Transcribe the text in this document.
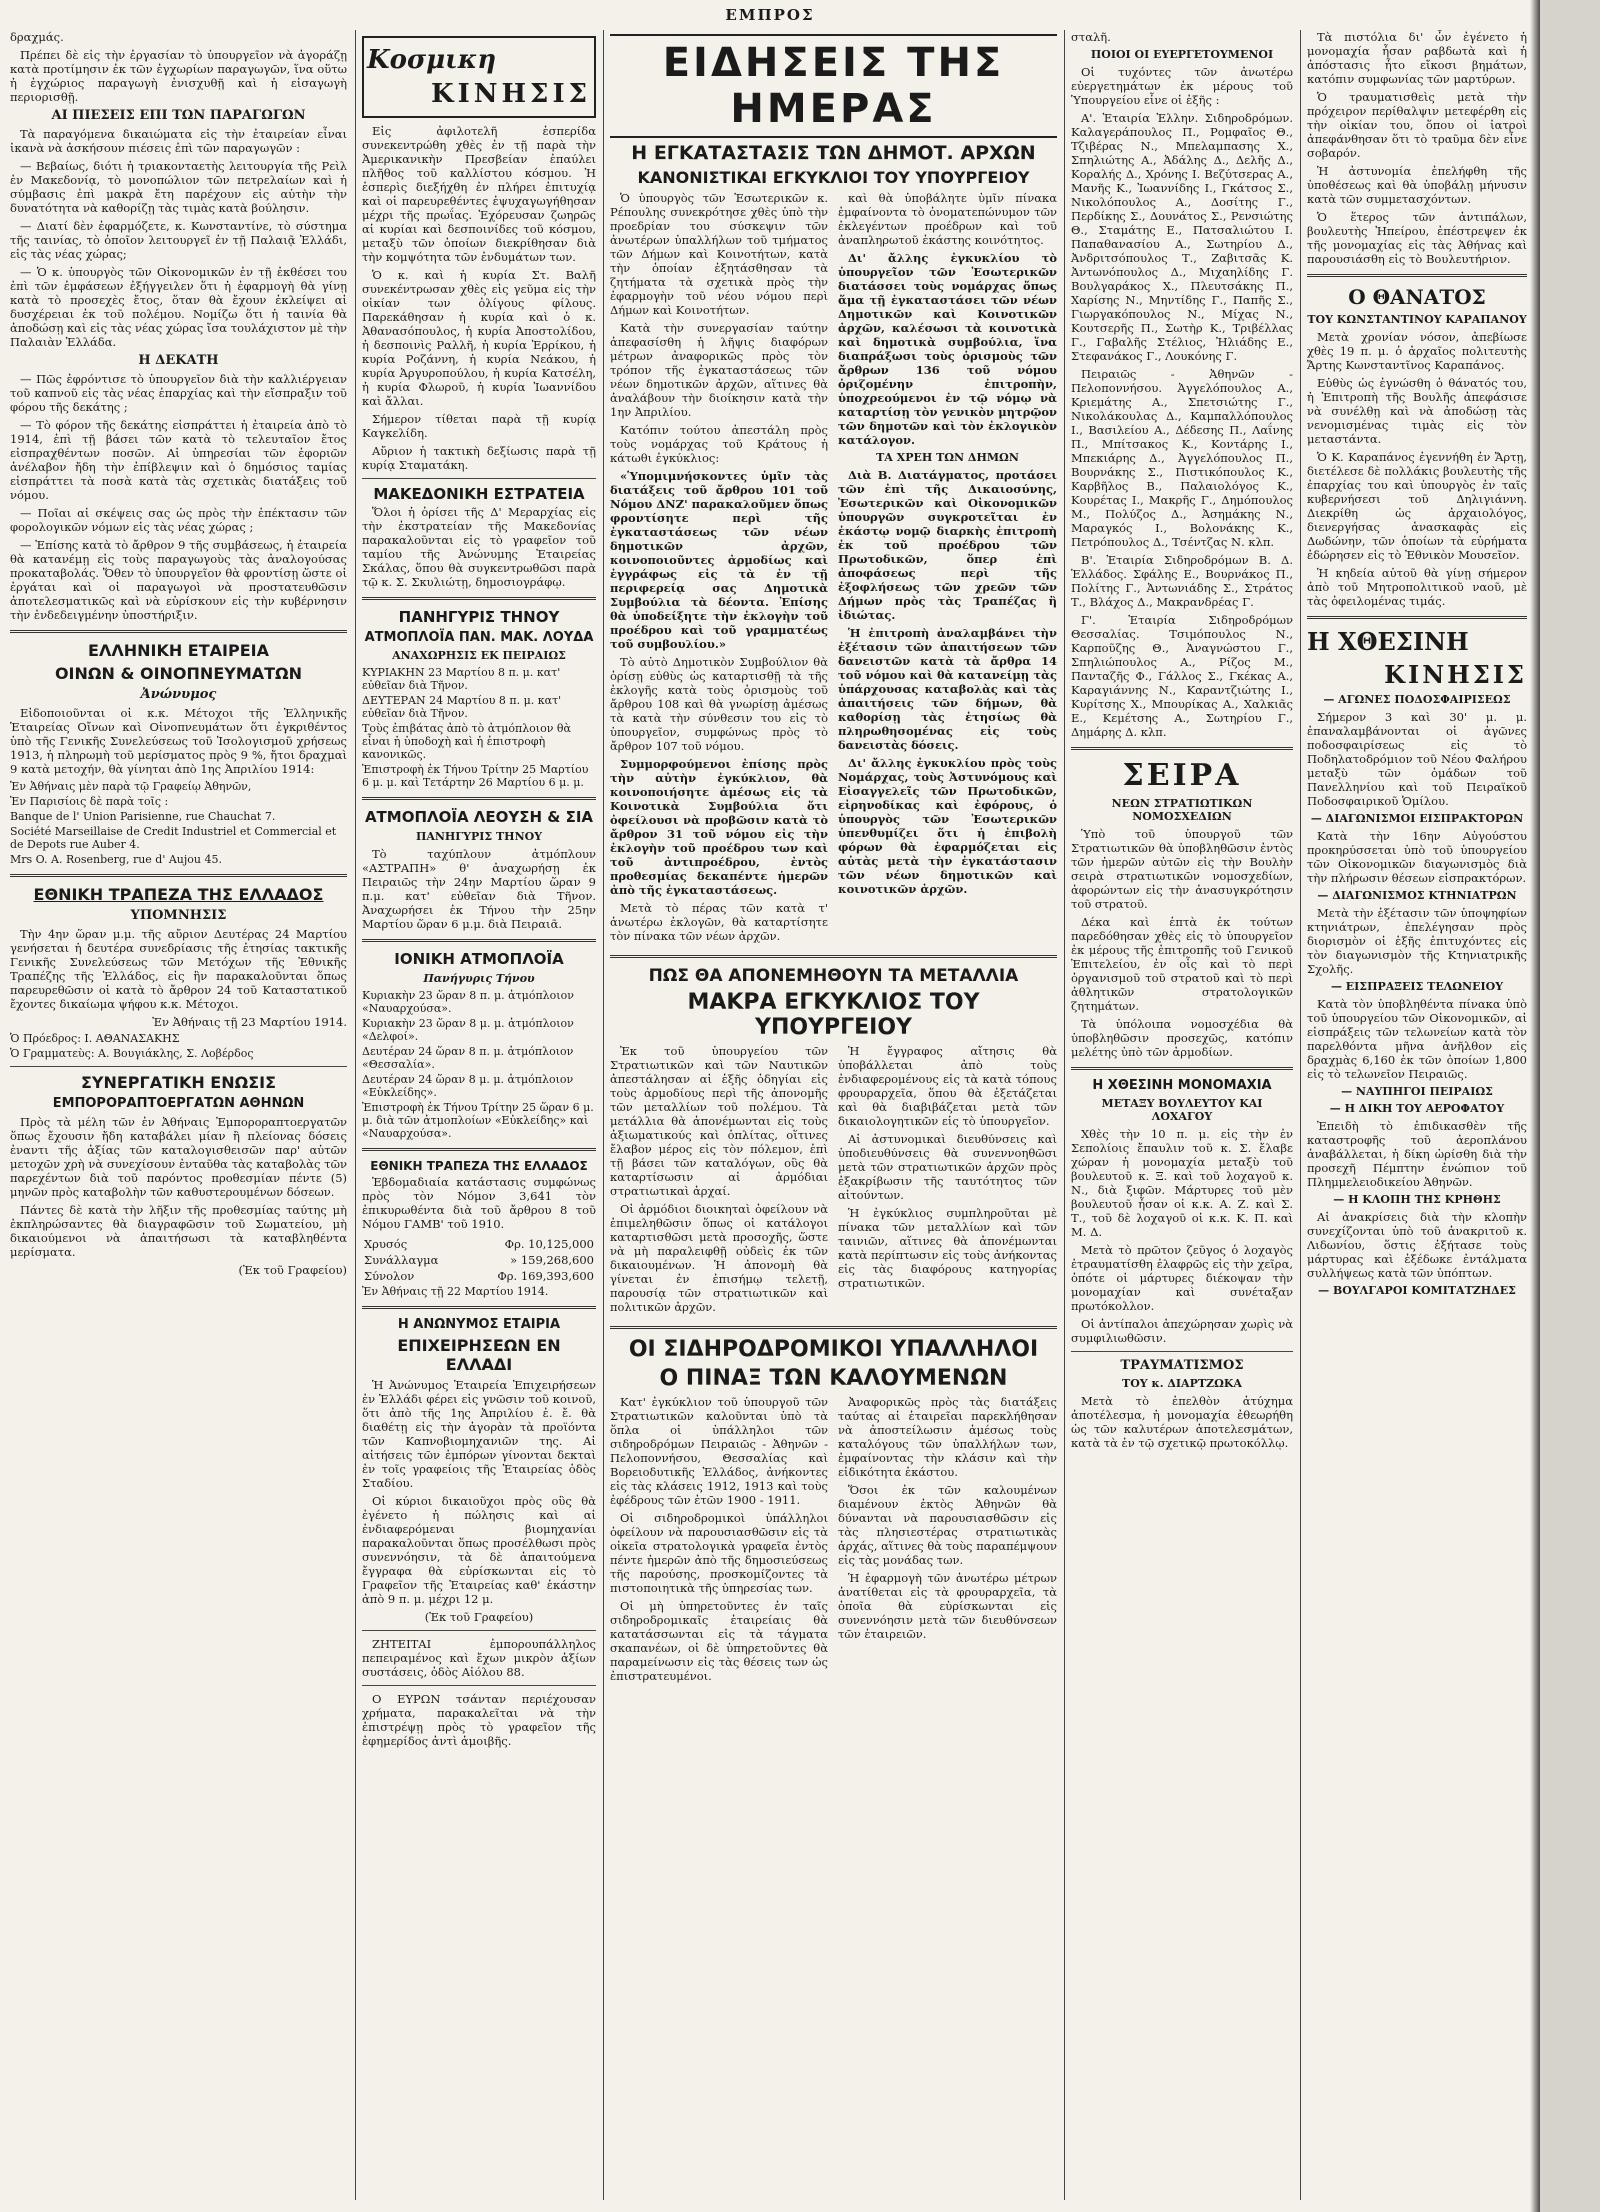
ΕΜΠΡΟΣ

δραχμάς.

Πρέπει δὲ εἰς τὴν ἐργασίαν τὸ ὑπουργεῖον νὰ ἀγοράζῃ κατὰ προτίμησιν ἐκ τῶν ἐγχωρίων παραγωγῶν, ἵνα οὕτω ἡ ἐγχώριος παραγωγὴ ἐνισχυθῇ καὶ ἡ εἰσαγωγὴ περιορισθῇ.

ΑΙ ΠΙΕΣΕΙΣ ΕΠΙ ΤΩΝ ΠΑΡΑΓΩΓΩΝ

Τὰ παραγόμενα δικαιώματα εἰς τὴν ἐταιρείαν εἶναι ἱκανὰ νὰ ἀσκήσουν πιέσεις ἐπὶ τῶν παραγωγῶν :

— Βεβαίως, διότι ἡ τριακονταετὴς λειτουργία τῆς Ρεὶλ ἐν Μακεδονίᾳ, τὸ μονοπώλιον τῶν πετρελαίων καὶ ἡ σύμβασις ἐπὶ μακρὰ ἔτη παρέχουν εἰς αὐτὴν τὴν δυνατότητα νὰ καθορίζῃ τὰς τιμὰς κατὰ βούλησιν.

— Διατί δὲν ἐφαρμόζετε, κ. Κωνσταντίνε, τὸ σύστημα τῆς ταινίας, τὸ ὁποῖον λειτουργεῖ ἐν τῇ Παλαιᾷ Ἑλλάδι, εἰς τὰς νέας χώρας;

— Ὁ κ. ὑπουργὸς τῶν Οἰκονομικῶν ἐν τῇ ἐκθέσει του ἐπὶ τῶν ἐμφάσεων ἐξήγγειλεν ὅτι ἡ ἐφαρμογὴ θὰ γίνῃ κατὰ τὸ προσεχὲς ἔτος, ὅταν θὰ ἔχουν ἐκλείψει αἱ δυσχέρειαι ἐκ τοῦ πολέμου. Νομίζω ὅτι ἡ ταινία θὰ ἀποδώσῃ καὶ εἰς τὰς νέας χώρας ἴσα τουλάχιστον μὲ τὴν Παλαιὰν Ἑλλάδα.

Η ΔΕΚΑΤΗ

— Πῶς ἐφρόντισε τὸ ὑπουργεῖον διὰ τὴν καλλιέργειαν τοῦ καπνοῦ εἰς τὰς νέας ἐπαρχίας καὶ τὴν εἴσπραξιν τοῦ φόρου τῆς δεκάτης ;

— Τὸ φόρον τῆς δεκάτης εἰσπράττει ἡ ἐταιρεία ἀπὸ τὸ 1914, ἐπὶ τῇ βάσει τῶν κατὰ τὸ τελευταῖον ἔτος εἰσπραχθέντων ποσῶν. Αἱ ὑπηρεσίαι τῶν ἐφοριῶν ἀνέλαβον ἤδη τὴν ἐπίβλεψιν καὶ ὁ δημόσιος ταμίας εἰσπράττει τὰ ποσὰ κατὰ τὰς σχετικὰς διατάξεις τοῦ νόμου.

— Ποῖαι αἱ σκέψεις σας ὡς πρὸς τὴν ἐπέκτασιν τῶν φορολογικῶν νόμων εἰς τὰς νέας χώρας ;

— Ἐπίσης κατὰ τὸ ἄρθρον 9 τῆς συμβάσεως, ἡ ἐταιρεία θὰ κατανέμῃ εἰς τοὺς παραγωγοὺς τὰς ἀναλογούσας προκαταβολάς. Ὅθεν τὸ ὑπουργεῖον θὰ φροντίσῃ ὥστε οἱ ἐργάται καὶ οἱ παραγωγοὶ νὰ προστατευθῶσιν ἀποτελεσματικῶς καὶ νὰ εὑρίσκουν εἰς τὴν κυβέρνησιν τὴν ἐνδεδειγμένην ὑποστήριξιν.

ΕΛΛΗΝΙΚΗ ΕΤΑΙΡΕΙΑ
ΟΙΝΩΝ & ΟΙΝΟΠΝΕΥΜΑΤΩΝ
Ἀνώνυμος

Εἰδοποιοῦνται οἱ κ.κ. Μέτοχοι τῆς Ἑλληνικῆς Ἑταιρείας Οἴνων καὶ Οἰνοπνευμάτων ὅτι ἐγκριθέντος ὑπὸ τῆς Γενικῆς Συνελεύσεως τοῦ Ἰσολογισμοῦ χρήσεως 1913, ἡ πληρωμὴ τοῦ μερίσματος πρὸς 9 %, ἤτοι δραχμαὶ 9 κατὰ μετοχήν, θὰ γίνηται ἀπὸ 1ης Ἀπριλίου 1914:

Ἐν Ἀθήναις μὲν παρὰ τῷ Γραφείῳ Ἀθηνῶν,

Ἐν Παρισίοις δὲ παρὰ τοῖς :

Banque de l' Union Parisienne, rue Chauchat 7.

Société Marseillaise de Credit Industriel et Commercial et de Depots rue Auber 4.

Mrs O. A. Rosenberg, rue d' Aujou 45.

ΕΘΝΙΚΗ ΤΡΑΠΕΖΑ ΤΗΣ ΕΛΛΑΔΟΣ
ΥΠΟΜΝΗΣΙΣ

Τὴν 4ην ὥραν μ.μ. τῆς αὔριον Δευτέρας 24 Μαρτίου γενήσεται ἡ δευτέρα συνεδρίασις τῆς ἐτησίας τακτικῆς Γενικῆς Συνελεύσεως τῶν Μετόχων τῆς Ἐθνικῆς Τραπέζης τῆς Ἑλλάδος, εἰς ἣν παρακαλοῦνται ὅπως παρευρεθῶσιν οἱ κατὰ τὸ ἄρθρον 24 τοῦ Καταστατικοῦ ἔχοντες δικαίωμα ψήφου κ.κ. Μέτοχοι.

Ἐν Ἀθήναις τῇ 23 Μαρτίου 1914.

Ὁ Πρόεδρος: Ι. ΑΘΑΝΑΣΑΚΗΣ

Ὁ Γραμματεὺς: Α. Βουγιάκλης, Σ. Λοβέρδος

ΣΥΝΕΡΓΑΤΙΚΗ ΕΝΩΣΙΣ
ΕΜΠΟΡΟΡΑΠΤΟΕΡΓΑΤΩΝ ΑΘΗΝΩΝ

Πρὸς τὰ μέλη τῶν ἐν Ἀθήναις Ἐμποροραπτοεργατῶν ὅπως ἔχουσιν ἤδη καταβάλει μίαν ἢ πλείονας δόσεις ἐναντι τῆς ἀξίας τῶν καταλογισθεισῶν παρ' αὐτῶν μετοχῶν χρὴ νὰ συνεχίσουν ἐνταῦθα τὰς καταβολὰς τῶν παρεχέντων διὰ τοῦ παρόντος προθεσμίαν πέντε (5) μηνῶν πρὸς καταβολὴν τῶν καθυστερουμένων δόσεων.

Πάντες δὲ κατὰ τὴν λῆξιν τῆς προθεσμίας ταύτης μὴ ἐκπληρώσαντες θὰ διαγραφῶσιν τοῦ Σωματείου, μὴ δικαιούμενοι νὰ ἀπαιτήσωσι τὰ καταβληθέντα μερίσματα.

(Ἐκ τοῦ Γραφείου)

Κοσμικη
ΚΙΝΗΣΙΣ

Εἰς ἀφιλοτελῆ ἑσπερίδα συνεκεντρώθη χθὲς ἐν τῇ παρὰ τὴν Ἀμερικανικὴν Πρεσβείαν ἐπαύλει πλῆθος τοῦ καλλίστου κόσμου. Ἡ ἑσπερὶς διεξήχθη ἐν πλήρει ἐπιτυχίᾳ καὶ οἱ παρευρεθέντες ἐψυχαγωγήθησαν μέχρι τῆς πρωΐας. Ἐχόρευσαν ζωηρῶς αἱ κυρίαι καὶ δεσποινίδες τοῦ κόσμου, μεταξὺ τῶν ὁποίων διεκρίθησαν διὰ τὴν κομψότητα τῶν ἐνδυμάτων των.

Ὁ κ. καὶ ἡ κυρία Στ. Βαλῆ συνεκέντρωσαν χθὲς εἰς γεῦμα εἰς τὴν οἰκίαν των ὀλίγους φίλους. Παρεκάθησαν ἡ κυρία καὶ ὁ κ. Ἀθανασόπουλος, ἡ κυρία Ἀποστολίδου, ἡ δεσποινὶς Ραλλῆ, ἡ κυρία Ἑρρίκου, ἡ κυρία Ροζάννη, ἡ κυρία Νεάκου, ἡ κυρία Ἀργυροπούλου, ἡ κυρία Κατσέλη, ἡ κυρία Φλωροῦ, ἡ κυρία Ἰωαννίδου καὶ ἄλλαι.

Σήμερον τίθεται παρὰ τῇ κυρίᾳ Καγκελίδη.

Αὔριον ἡ τακτικὴ δεξίωσις παρὰ τῇ κυρίᾳ Σταματάκη.

ΜΑΚΕΔΟΝΙΚΗ ΕΣΤΡΑΤΕΙΑ

Ὅλοι ἡ ὁρίσει τῆς Δ' Μεραρχίας εἰς τὴν ἐκστρατείαν τῆς Μακεδονίας παρακαλοῦνται εἰς τὸ γραφεῖον τοῦ ταμίου τῆς Ἀνώνυμης Ἑταιρείας Σκάλας, ὅπου θὰ συγκεντρωθῶσι παρὰ τῷ κ. Σ. Σκυλιώτῃ, δημοσιογράφῳ.

ΠΑΝΗΓΥΡΙΣ ΤΗΝΟΥ
ΑΤΜΟΠΛΟΪΑ ΠΑΝ. ΜΑΚ. ΛΟΥΔΑ
ΑΝΑΧΩΡΗΣΙΣ ΕΚ ΠΕΙΡΑΙΩΣ

ΚΥΡΙΑΚΗΝ 23 Μαρτίου 8 π. μ. κατ' εὐθεῖαν διὰ Τῆνον.

ΔΕΥΤΕΡΑΝ 24 Μαρτίου 8 π. μ. κατ' εὐθεῖαν διὰ Τῆνον.

Τοὺς ἐπιβάτας ἀπὸ τὸ ἀτμόπλοιον θὰ εἶναι ἡ ὑποδοχὴ καὶ ἡ ἐπιστροφὴ κανονικῶς.

Ἐπιστροφὴ ἐκ Τήνου Τρίτην 25 Μαρτίου 6 μ. μ. καὶ Τετάρτην 26 Μαρτίου 6 μ. μ.

ΑΤΜΟΠΛΟΪΑ ΛΕΟΥΣΗ & ΣΙΑ
ΠΑΝΗΓΥΡΙΣ ΤΗΝΟΥ

Τὸ ταχύπλουν ἀτμόπλουν «ΑΣΤΡΑΠΗ» θ' ἀναχωρήσῃ ἐκ Πειραιῶς τὴν 24ην Μαρτίου ὥραν 9 π.μ. κατ' εὐθεῖαν διὰ Τῆνον. Ἀναχωρήσει ἐκ Τήνου τὴν 25ην Μαρτίου ὥραν 6 μ.μ. διὰ Πειραιᾶ.

ΙΟΝΙΚΗ ΑΤΜΟΠΛΟΪΑ
Πανήγυρις Τήνου

Κυριακὴν 23 ὥραν 8 π. μ. ἀτμόπλοιον «Ναυαρχούσα».

Κυριακὴν 23 ὥραν 8 μ. μ. ἀτμόπλοιον «Δελφοί».

Δευτέραν 24 ὥραν 8 π. μ. ἀτμόπλοιον «Θεσσαλία».

Δευτέραν 24 ὥραν 8 μ. μ. ἀτμόπλοιον «Εὐκλείδης».

Ἐπιστροφὴ ἐκ Τήνου Τρίτην 25 ὥραν 6 μ. μ. διὰ τῶν ἀτμοπλοίων «Εὐκλείδης» καὶ «Ναυαρχούσα».

ΕΘΝΙΚΗ ΤΡΑΠΕΖΑ ΤΗΣ ΕΛΛΑΔΟΣ

Ἑβδομαδιαία κατάστασις συμφώνως πρὸς τὸν Νόμον 3,641 τὸν ἐπικυρωθέντα διὰ τοῦ ἄρθρου 8 τοῦ Νόμου ΓΑΜΒ' τοῦ 1910.

Χρυσός	Φρ. 10,125,000
Συνάλλαγμα	» 159,268,600
Σύνολον	Φρ. 169,393,600

Ἐν Ἀθήναις τῇ 22 Μαρτίου 1914.

Η ΑΝΩΝΥΜΟΣ ΕΤΑΙΡΙΑ
ΕΠΙΧΕΙΡΗΣΕΩΝ ΕΝ ΕΛΛΑΔΙ

Ἡ Ἀνώνυμος Ἑταιρεία Ἐπιχειρήσεων ἐν Ἑλλάδι φέρει εἰς γνῶσιν τοῦ κοινοῦ, ὅτι ἀπὸ τῆς 1ης Ἀπριλίου ἐ. ἔ. θὰ διαθέτῃ εἰς τὴν ἀγορὰν τὰ προϊόντα τῶν Καπνοβιομηχανιῶν της. Αἱ αἰτήσεις τῶν ἐμπόρων γίνονται δεκταὶ ἐν τοῖς γραφείοις τῆς Ἑταιρείας ὁδὸς Σταδίου.

Οἱ κύριοι δικαιοῦχοι πρὸς οὓς θὰ ἐγένετο ἡ πώλησις καὶ αἱ ἐνδιαφερόμεναι βιομηχανίαι παρακαλοῦνται ὅπως προσέλθωσι πρὸς συνεννόησιν, τὰ δὲ ἀπαιτούμενα ἔγγραφα θὰ εὑρίσκωνται εἰς τὸ Γραφεῖον τῆς Ἑταιρείας καθ' ἑκάστην ἀπὸ 9 π. μ. μέχρι 12 μ.

(Ἐκ τοῦ Γραφείου)

ΖΗΤΕΙΤΑΙ ἐμπορουπάλληλος πεπειραμένος καὶ ἔχων μικρὸν ἀξίων συστάσεις, ὁδὸς Αἰόλου 88.

Ο ΕΥΡΩΝ τσάνταν περιέχουσαν χρήματα, παρακαλεῖται νὰ τὴν ἐπιστρέψῃ πρὸς τὸ γραφεῖον τῆς ἐφημερίδος ἀντὶ ἀμοιβῆς.

ΕΙΔΗΣΕΙΣ ΤΗΣ ΗΜΕΡΑΣ
Η ΕΓΚΑΤΑΣΤΑΣΙΣ ΤΩΝ ΔΗΜΟΤ. ΑΡΧΩΝ
ΚΑΝΟΝΙΣΤΙΚΑΙ ΕΓΚΥΚΛΙΟΙ ΤΟΥ ΥΠΟΥΡΓΕΙΟΥ

Ὁ ὑπουργὸς τῶν Ἐσωτερικῶν κ. Ρέπουλης συνεκρότησε χθὲς ὑπὸ τὴν προεδρίαν του σύσκεψιν τῶν ἀνωτέρων ὑπαλλήλων τοῦ τμήματος τῶν Δήμων καὶ Κοινοτήτων, κατὰ τὴν ὁποίαν ἐξητάσθησαν τὰ ζητήματα τὰ σχετικὰ πρὸς τὴν ἐφαρμογὴν τοῦ νέου νόμου περὶ Δήμων καὶ Κοινοτήτων.

Κατὰ τὴν συνεργασίαν ταύτην ἀπεφασίσθη ἡ λῆψις διαφόρων μέτρων ἀναφορικῶς πρὸς τὸν τρόπον τῆς ἐγκαταστάσεως τῶν νέων δημοτικῶν ἀρχῶν, αἵτινες θὰ ἀναλάβουν τὴν διοίκησιν κατὰ τὴν 1ην Ἀπριλίου.

Κατόπιν τούτου ἀπεστάλη πρὸς τοὺς νομάρχας τοῦ Κράτους ἡ κάτωθι ἐγκύκλιος:

«Ὑπομιμνήσκοντες ὑμῖν τὰς διατάξεις τοῦ ἄρθρου 101 τοῦ Νόμου ΔΝΖ' παρακαλοῦμεν ὅπως φροντίσητε περὶ τῆς ἐγκαταστάσεως τῶν νέων δημοτικῶν ἀρχῶν, κοινοποιοῦντες ἀρμοδίως καὶ ἐγγράφως εἰς τὰ ἐν τῇ περιφερείᾳ σας Δημοτικὰ Συμβούλια τὰ δέοντα. Ἐπίσης θὰ ὑποδείξητε τὴν ἐκλογὴν τοῦ προέδρου καὶ τοῦ γραμματέως τοῦ συμβουλίου.»

Τὸ αὐτὸ Δημοτικὸν Συμβούλιον θὰ ὁρίσῃ εὐθὺς ὡς καταρτισθῇ τὰ τῆς ἐκλογῆς κατὰ τοὺς ὁρισμοὺς τοῦ ἄρθρου 108 καὶ θὰ γνωρίσῃ ἀμέσως τὰ κατὰ τὴν σύνθεσιν του εἰς τὸ ὑπουργεῖον, συμφώνως πρὸς τὸ ἄρθρον 107 τοῦ νόμου.

Συμμορφούμενοι ἐπίσης πρὸς τὴν αὐτὴν ἐγκύκλιον, θὰ κοινοποιήσητε ἀμέσως εἰς τὰ Κοινοτικὰ Συμβούλια ὅτι ὀφείλουσι νὰ προβῶσιν κατὰ τὸ ἄρθρον 31 τοῦ νόμου εἰς τὴν ἐκλογὴν τοῦ προέδρου των καὶ τοῦ ἀντιπροέδρου, ἐντὸς προθεσμίας δεκαπέντε ἡμερῶν ἀπὸ τῆς ἐγκαταστάσεως.

Μετὰ τὸ πέρας τῶν κατὰ τ' ἀνωτέρω ἐκλογῶν, θὰ καταρτίσητε τὸν πίνακα τῶν νέων ἀρχῶν.

καὶ θὰ ὑποβάλητε ὑμῖν πίνακα ἐμφαίνοντα τὸ ὀνοματεπώνυμον τῶν ἐκλεγέντων προέδρων καὶ τοῦ ἀναπληρωτοῦ ἑκάστης κοινότητος.

Δι' ἄλλης ἐγκυκλίου τὸ ὑπουργεῖον τῶν Ἐσωτερικῶν διατάσσει τοὺς νομάρχας ὅπως ἅμα τῇ ἐγκαταστάσει τῶν νέων Δημοτικῶν καὶ Κοινοτικῶν ἀρχῶν, καλέσωσι τὰ κοινοτικὰ καὶ δημοτικὰ συμβούλια, ἵνα διαπράξωσι τοὺς ὁρισμοὺς τῶν ἄρθρων 136 τοῦ νόμου ὁριζομένην ἐπιτροπὴν, ὑποχρεούμενοι ἐν τῷ νόμῳ νὰ καταρτίσῃ τὸν γενικὸν μητρῷον τῶν δημοτῶν καὶ τὸν ἐκλογικὸν κατάλογον.

ΤΑ ΧΡΕΗ ΤΩΝ ΔΗΜΩΝ

Διὰ Β. Διατάγματος, προτάσει τῶν ἐπὶ τῆς Δικαιοσύνης, Ἐσωτερικῶν καὶ Οἰκονομικῶν ὑπουργῶν συγκροτεῖται ἐν ἑκάστῳ νομῷ διαρκὴς ἐπιτροπὴ ἐκ τοῦ προέδρου τῶν Πρωτοδικῶν, ὅπερ ἐπὶ ἀποφάσεως περὶ τῆς ἐξοφλήσεως τῶν χρεῶν τῶν Δήμων πρὸς τὰς Τραπέζας ἢ ἰδιώτας.

Ἡ ἐπιτροπὴ ἀναλαμβάνει τὴν ἐξέτασιν τῶν ἀπαιτήσεων τῶν δανειστῶν κατὰ τὰ ἄρθρα 14 τοῦ νόμου καὶ θὰ κατανείμῃ τὰς ὑπάρχουσας καταβολὰς καὶ τὰς ἀπαιτήσεις τῶν δήμων, θὰ καθορίσῃ τὰς ἐτησίως θὰ πληρωθησομένας εἰς τοὺς δανειστὰς δόσεις.

Δι' ἄλλης ἐγκυκλίου πρὸς τοὺς Νομάρχας, τοὺς Ἀστυνόμους καὶ Εἰσαγγελεῖς τῶν Πρωτοδικῶν, εἰρηνοδίκας καὶ ἐφόρους, ὁ ὑπουργὸς τῶν Ἐσωτερικῶν ὑπενθυμίζει ὅτι ἡ ἐπιβολὴ φόρων θὰ ἐφαρμόζεται εἰς αὐτὰς μετὰ τὴν ἐγκατάστασιν τῶν νέων δημοτικῶν καὶ κοινοτικῶν ἀρχῶν.

ΠΩΣ ΘΑ ΑΠΟΝΕΜΗΘΟΥΝ ΤΑ ΜΕΤΑΛΛΙΑ
ΜΑΚΡΑ ΕΓΚΥΚΛΙΟΣ ΤΟΥ ΥΠΟΥΡΓΕΙΟΥ

Ἐκ τοῦ ὑπουργείου τῶν Στρατιωτικῶν καὶ τῶν Ναυτικῶν ἀπεστάλησαν αἱ ἑξῆς ὁδηγίαι εἰς τοὺς ἀρμοδίους περὶ τῆς ἀπονομῆς τῶν μεταλλίων τοῦ πολέμου. Τὰ μετάλλια θὰ ἀπονέμωνται εἰς τοὺς ἀξιωματικούς καὶ ὁπλίτας, οἵτινες ἔλαβον μέρος εἰς τὸν πόλεμον, ἐπὶ τῇ βάσει τῶν καταλόγων, οὓς θὰ καταρτίσωσιν αἱ ἀρμόδιαι στρατιωτικαὶ ἀρχαί.

Οἱ ἀρμόδιοι διοικηταὶ ὀφείλουν νὰ ἐπιμεληθῶσιν ὅπως οἱ κατάλογοι καταρτισθῶσι μετὰ προσοχῆς, ὥστε νὰ μὴ παραλειφθῇ οὐδεὶς ἐκ τῶν δικαιουμένων. Ἡ ἀπονομὴ θὰ γίνεται ἐν ἐπισήμῳ τελετῇ, παρουσίᾳ τῶν στρατιωτικῶν καὶ πολιτικῶν ἀρχῶν.

Ἡ ἔγγραφος αἴτησις θὰ ὑποβάλλεται ἀπὸ τοὺς ἐνδιαφερομένους εἰς τὰ κατὰ τόπους φρουραρχεῖα, ὅπου θὰ ἐξετάζεται καὶ θὰ διαβιβάζεται μετὰ τῶν δικαιολογητικῶν εἰς τὸ ὑπουργεῖον.

Αἱ ἀστυνομικαὶ διευθύνσεις καὶ ὑποδιευθύνσεις θὰ συνεννοηθῶσι μετὰ τῶν στρατιωτικῶν ἀρχῶν πρὸς ἐξακρίβωσιν τῆς ταυτότητος τῶν αἰτούντων.

Ἡ ἐγκύκλιος συμπληροῦται μὲ πίνακα τῶν μεταλλίων καὶ τῶν ταινιῶν, αἵτινες θὰ ἀπονέμωνται κατὰ περίπτωσιν εἰς τοὺς ἀνήκοντας εἰς τὰς διαφόρους κατηγορίας στρατιωτικῶν.

ΟΙ ΣΙΔΗΡΟΔΡΟΜΙΚΟΙ ΥΠΑΛΛΗΛΟΙ
Ο ΠΙΝΑΞ ΤΩΝ ΚΑΛΟΥΜΕΝΩΝ

Κατ' ἐγκύκλιον τοῦ ὑπουργοῦ τῶν Στρατιωτικῶν καλοῦνται ὑπὸ τὰ ὅπλα οἱ ὑπάλληλοι τῶν σιδηροδρόμων Πειραιῶς - Ἀθηνῶν - Πελοποννήσου, Θεσσαλίας καὶ Βορειοδυτικῆς Ἑλλάδος, ἀνήκοντες εἰς τὰς κλάσεις 1912, 1913 καὶ τοὺς ἐφέδρους τῶν ἐτῶν 1900 - 1911.

Οἱ σιδηροδρομικοὶ ὑπάλληλοι ὀφείλουν νὰ παρουσιασθῶσιν εἰς τὰ οἰκεῖα στρατολογικὰ γραφεῖα ἐντὸς πέντε ἡμερῶν ἀπὸ τῆς δημοσιεύσεως τῆς παρούσης, προσκομίζοντες τὰ πιστοποιητικὰ τῆς ὑπηρεσίας των.

Οἱ μὴ ὑπηρετοῦντες ἐν ταῖς σιδηροδρομικαῖς ἑταιρείαις θὰ κατατάσσωνται εἰς τὰ τάγματα σκαπανέων, οἱ δὲ ὑπηρετοῦντες θὰ παραμείνωσιν εἰς τὰς θέσεις των ὡς ἐπιστρατευμένοι.

Ἀναφορικῶς πρὸς τὰς διατάξεις ταύτας αἱ ἑταιρεῖαι παρεκλήθησαν νὰ ἀποστείλωσιν ἀμέσως τοὺς καταλόγους τῶν ὑπαλλήλων των, ἐμφαίνοντας τὴν κλάσιν καὶ τὴν εἰδικότητα ἑκάστου.

Ὅσοι ἐκ τῶν καλουμένων διαμένουν ἐκτὸς Ἀθηνῶν θὰ δύνανται νὰ παρουσιασθῶσιν εἰς τὰς πλησιεστέρας στρατιωτικὰς ἀρχάς, αἵτινες θὰ τοὺς παραπέμψουν εἰς τὰς μονάδας των.

Ἡ ἐφαρμογὴ τῶν ἀνωτέρω μέτρων ἀνατίθεται εἰς τὰ φρουραρχεῖα, τὰ ὁποῖα θὰ εὑρίσκωνται εἰς συνεννόησιν μετὰ τῶν διευθύνσεων τῶν ἑταιρειῶν.

σταλῆ.

ΠΟΙΟΙ ΟΙ ΕΥΕΡΓΕΤΟΥΜΕΝΟΙ

Οἱ τυχόντες τῶν ἀνωτέρω εὐεργετημάτων ἐκ μέρους τοῦ Ὑπουργείου εἶνε οἱ ἑξῆς :

Α'. Ἑταιρία Ἑλλην. Σιδηροδρόμων. Καλαγεράπουλος Π., Ρομφαῖος Θ., Τζιβέρας Ν., Μπελαμπασης Χ., Σπηλιώτης Α., Ἀδάλης Δ., Δελῆς Δ., Κοραλής Δ., Χρόνης Ι. Βεζύτσερας Α., Μανῆς Κ., Ἰωαννίδης Ι., Γκάτσος Σ., Νικολόπουλος Α., Δοσίτης Γ., Περδίκης Σ., Δουνάτος Σ., Ρενσιώτης Θ., Σταμάτης Ε., Πατσαλιώτου Ι. Παπαθανασίου Α., Σωτηρίου Δ., Ἀνδριτσόπουλος Τ., Ζαβιτσᾶς Κ. Ἀντωνόπουλος Δ., Μιχαηλίδης Γ. Βουλγαράκος Χ., Πλευτσάκης Π., Χαρίσης Ν., Μηντίδης Γ., Παπῆς Σ., Γιωργακόπουλος Ν., Μίχας Ν., Κουτσερῆς Π., Σωτὴρ Κ., Τριβέλλας Γ., Γαβαλῆς Στέλιος, Ἠλιάδης Ε., Στεφανάκος Γ., Λουκόνης Γ.

Πειραιῶς - Ἀθηνῶν - Πελοποννήσου. Ἀγγελόπουλος Α., Κριεμάτης Α., Σπετσιώτης Γ., Νικολάκουλας Δ., Καμπαλλόπουλος Ι., Βασιλείου Α., Δέδεσης Π., Λαΐνης Π., Μπίτσακος Κ., Κοντάρης Ι., Μπεκιάρης Δ., Ἀγγελόπουλος Π., Βουρνάκης Σ., Πιστικόπουλος Κ., Καρβῆλος Β., Παλαιολόγος Κ., Κουρέτας Ι., Μακρῆς Γ., Δημόπουλος Μ., Πολύζος Δ., Ἀσημάκης Ν., Μαραγκός Ι., Βολονάκης Κ., Πετρόπουλος Δ., Τσέντζας Ν. κλπ.

Β'. Ἑταιρία Σιδηροδρόμων Β. Δ. Ἑλλάδος. Σφάλης Ε., Βουρνάκος Π., Πολίτης Γ., Ἀντωνιάδης Σ., Στράτος Τ., Βλάχος Δ., Μακρανδρέας Γ.

Γ'. Ἑταιρία Σιδηροδρόμων Θεσσαλίας. Τσιμόπουλος Ν., Καρποῦζης Θ., Ἀναγνώστου Γ., Σπηλιώπουλος Α., Ρίζος Μ., Πανταζῆς Φ., Γάλλος Σ., Γκέκας Α., Καραγιάννης Ν., Καραντζιώτης Ι., Κυρίτσης Χ., Μπουρίκας Α., Χαλκιᾶς Ε., Κεμέτσης Α., Σωτηρίου Γ., Δημάρης Δ. κλπ.

ΣΕΙΡΑ
ΝΕΩΝ ΣΤΡΑΤΙΩΤΙΚΩΝ ΝΟΜΟΣΧΕΔΙΩΝ

Ὑπὸ τοῦ ὑπουργοῦ τῶν Στρατιωτικῶν θὰ ὑποβληθῶσιν ἐντὸς τῶν ἡμερῶν αὐτῶν εἰς τὴν Βουλὴν σειρὰ στρατιωτικῶν νομοσχεδίων, ἀφορώντων εἰς τὴν ἀνασυγκρότησιν τοῦ στρατοῦ.

Δέκα καὶ ἑπτὰ ἐκ τούτων παρεδόθησαν χθὲς εἰς τὸ ὑπουργεῖον ἐκ μέρους τῆς ἐπιτροπῆς τοῦ Γενικοῦ Ἐπιτελείου, ἐν οἷς καὶ τὸ περὶ ὀργανισμοῦ τοῦ στρατοῦ καὶ τὸ περὶ ἀθλητικῶν στρατολογικῶν ζητημάτων.

Τὰ ὑπόλοιπα νομοσχέδια θὰ ὑποβληθῶσιν προσεχῶς, κατόπιν μελέτης ὑπὸ τῶν ἀρμοδίων.

Η ΧΘΕΣΙΝΗ ΜΟΝΟΜΑΧΙΑ
ΜΕΤΑΞΥ ΒΟΥΛΕΥΤΟΥ ΚΑΙ ΛΟΧΑΓΟΥ

Χθὲς τὴν 10 π. μ. εἰς τὴν ἐν Σεπολίοις ἔπαυλιν τοῦ κ. Σ. ἔλαβε χώραν ἡ μονομαχία μεταξὺ τοῦ βουλευτοῦ κ. Ξ. καὶ τοῦ λοχαγοῦ κ. Ν., διὰ ξιφῶν. Μάρτυρες τοῦ μὲν βουλευτοῦ ἦσαν οἱ κ.κ. Α. Ζ. καὶ Σ. Τ., τοῦ δὲ λοχαγοῦ οἱ κ.κ. Κ. Π. καὶ Μ. Δ.

Μετὰ τὸ πρῶτον ζεῦγος ὁ λοχαγὸς ἐτραυματίσθη ἐλαφρῶς εἰς τὴν χεῖρα, ὁπότε οἱ μάρτυρες διέκοψαν τὴν μονομαχίαν καὶ συνέταξαν πρωτόκολλον.

Οἱ ἀντίπαλοι ἀπεχώρησαν χωρὶς νὰ συμφιλιωθῶσιν.

ΤΡΑΥΜΑΤΙΣΜΟΣ
ΤΟΥ κ. ΔΙΑΡΤΖΩΚΑ

Μετὰ τὸ ἐπελθὸν ἀτύχημα ἀποτέλεσμα, ἡ μονομαχία ἐθεωρήθη ὡς τῶν καλυτέρων ἀποτελεσμάτων, κατὰ τὰ ἐν τῷ σχετικῷ πρωτοκόλλῳ.

Τὰ πιστόλια δι' ὧν ἐγένετο ἡ μονομαχία ἦσαν ραβδωτὰ καὶ ἡ ἀπόστασις ἦτο εἴκοσι βημάτων, κατόπιν συμφωνίας τῶν μαρτύρων.

Ὁ τραυματισθεὶς μετὰ τὴν πρόχειρον περίθαλψιν μετεφέρθη εἰς τὴν οἰκίαν του, ὅπου οἱ ἰατροὶ ἀπεφάνθησαν ὅτι τὸ τραῦμα δὲν εἶνε σοβαρόν.

Ἡ ἀστυνομία ἐπελήφθη τῆς ὑποθέσεως καὶ θὰ ὑποβάλῃ μήνυσιν κατὰ τῶν συμμετασχόντων.

Ὁ ἕτερος τῶν ἀντιπάλων, βουλευτὴς Ἠπείρου, ἐπέστρεψεν ἐκ τῆς μονομαχίας εἰς τὰς Ἀθήνας καὶ παρουσιάσθη εἰς τὸ Βουλευτήριον.

Ο ΘΑΝΑΤΟΣ
ΤΟΥ ΚΩΝΣΤΑΝΤΙΝΟΥ ΚΑΡΑΠΑΝΟΥ

Μετὰ χρονίαν νόσον, ἀπεβίωσε χθὲς 19 π. μ. ὁ ἀρχαῖος πολιτευτὴς Ἄρτης Κωνσταντῖνος Καραπάνος.

Εὐθὺς ὡς ἐγνώσθη ὁ θάνατός του, ἡ Ἐπιτροπὴ τῆς Βουλῆς ἀπεφάσισε νὰ συνέλθῃ καὶ νὰ ἀποδώσῃ τὰς νενομισμένας τιμὰς εἰς τὸν μεταστάντα.

Ὁ Κ. Καραπάνος ἐγεννήθη ἐν Ἄρτῃ, διετέλεσε δὲ πολλάκις βουλευτὴς τῆς ἐπαρχίας του καὶ ὑπουργὸς ἐν ταῖς κυβερνήσεσι τοῦ Δηλιγιάννη. Διεκρίθη ὡς ἀρχαιολόγος, διενεργήσας ἀνασκαφὰς εἰς Δωδώνην, τῶν ὁποίων τὰ εὑρήματα ἐδώρησεν εἰς τὸ Ἐθνικὸν Μουσεῖον.

Ἡ κηδεία αὐτοῦ θὰ γίνῃ σήμερον ἀπὸ τοῦ Μητροπολιτικοῦ ναοῦ, μὲ τὰς ὀφειλομένας τιμάς.

Η ΧΘΕΣΙΝΗ
ΚΙΝΗΣΙΣ
— ΑΓΩΝΕΣ ΠΟΔΟΣΦΑΙΡΙΣΕΩΣ

Σήμερον 3 καὶ 30' μ. μ. ἐπαναλαμβάνονται οἱ ἀγῶνες ποδοσφαιρίσεως εἰς τὸ Ποδηλατοδρόμιον τοῦ Νέου Φαλήρου μεταξὺ τῶν ὁμάδων τοῦ Πανελληνίου καὶ τοῦ Πειραϊκοῦ Ποδοσφαιρικοῦ Ὁμίλου.

— ΔΙΑΓΩΝΙΣΜΟΙ ΕΙΣΠΡΑΚΤΟΡΩΝ

Κατὰ τὴν 16ην Αὐγούστου προκηρύσσεται ὑπὸ τοῦ ὑπουργείου τῶν Οἰκονομικῶν διαγωνισμὸς διὰ τὴν πλήρωσιν θέσεων εἰσπρακτόρων.

— ΔΙΑΓΩΝΙΣΜΟΣ ΚΤΗΝΙΑΤΡΩΝ

Μετὰ τὴν ἐξέτασιν τῶν ὑποψηφίων κτηνιάτρων, ἐπελέγησαν πρὸς διορισμὸν οἱ ἑξῆς ἐπιτυχόντες εἰς τὸν διαγωνισμὸν τῆς Κτηνιατρικῆς Σχολῆς.

— ΕΙΣΠΡΑΞΕΙΣ ΤΕΛΩΝΕΙΟΥ

Κατὰ τὸν ὑποβληθέντα πίνακα ὑπὸ τοῦ ὑπουργείου τῶν Οἰκονομικῶν, αἱ εἰσπράξεις τῶν τελωνείων κατὰ τὸν παρελθόντα μῆνα ἀνῆλθον εἰς δραχμὰς 6,160 ἐκ τῶν ὁποίων 1,800 εἰς τὸ τελωνεῖον Πειραιῶς.

— ΝΑΥΠΗΓΟΙ ΠΕΙΡΑΙΩΣ
— Η ΔΙΚΗ ΤΟΥ ΑΕΡΟΦΑΤΟΥ

Ἐπειδὴ τὸ ἐπιδικασθὲν τῆς καταστροφῆς τοῦ ἀεροπλάνου ἀναβάλλεται, ἡ δίκη ὡρίσθη διὰ τὴν προσεχῆ Πέμπτην ἐνώπιον τοῦ Πλημμελειοδικείου Ἀθηνῶν.

— Η ΚΛΟΠΗ ΤΗΣ ΚΡΗΘΗΣ

Αἱ ἀνακρίσεις διὰ τὴν κλοπὴν συνεχίζονται ὑπὸ τοῦ ἀνακριτοῦ κ. Λιδωνίου, ὅστις ἐξήτασε τοὺς μάρτυρας καὶ ἐξέδωκε ἐντάλματα συλλήψεως κατὰ τῶν ὑπόπτων.

— ΒΟΥΛΓΑΡΟΙ ΚΟΜΙΤΑΤΖΗΔΕΣ
